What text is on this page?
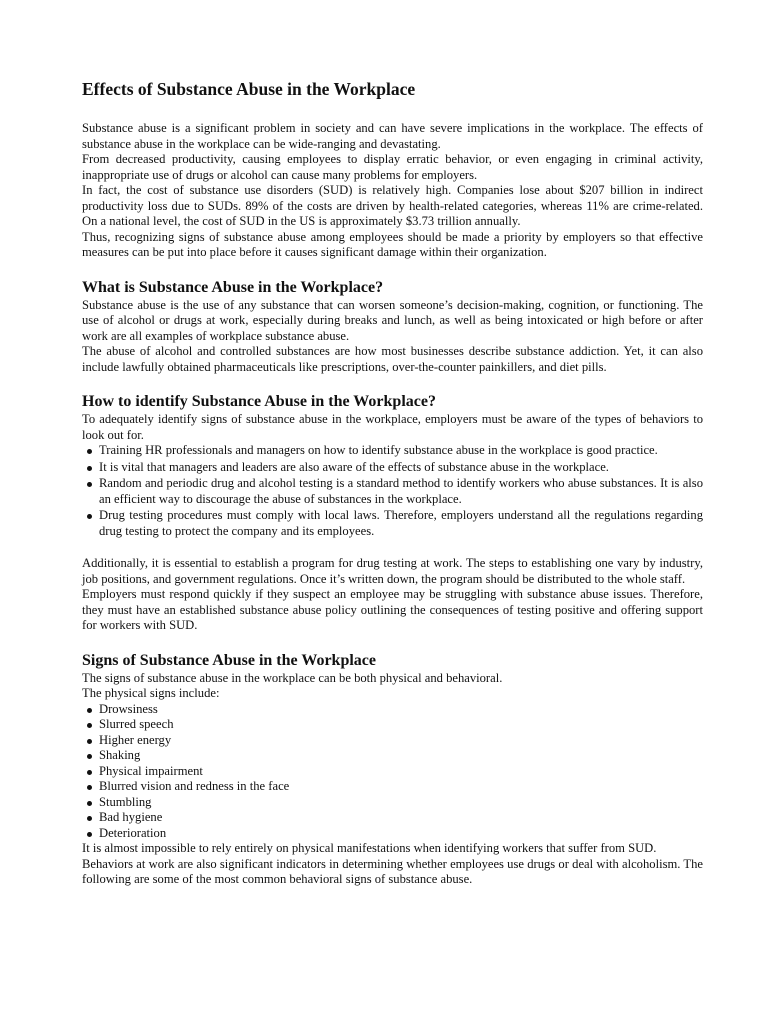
Effects of Substance Abuse in the Workplace

Substance abuse is a significant problem in society and can have severe implications in the workplace. The effects of substance abuse in the workplace can be wide-ranging and devastating.

From decreased productivity, causing employees to display erratic behavior, or even engaging in criminal activity, inappropriate use of drugs or alcohol can cause many problems for employers.

In fact, the cost of substance use disorders (SUD) is relatively high. Companies lose about $207 billion in indirect productivity loss due to SUDs. 89% of the costs are driven by health-related categories, whereas 11% are crime-related. On a national level, the cost of SUD in the US is approximately $3.73 trillion annually.

Thus, recognizing signs of substance abuse among employees should be made a priority by employers so that effective measures can be put into place before it causes significant damage within their organization.

What is Substance Abuse in the Workplace?

Substance abuse is the use of any substance that can worsen someone’s decision-making, cognition, or functioning. The use of alcohol or drugs at work, especially during breaks and lunch, as well as being intoxicated or high before or after work are all examples of workplace substance abuse.

The abuse of alcohol and controlled substances are how most businesses describe substance addiction. Yet, it can also include lawfully obtained pharmaceuticals like prescriptions, over-the-counter painkillers, and diet pills.

How to identify Substance Abuse in the Workplace?

To adequately identify signs of substance abuse in the workplace, employers must be aware of the types of behaviors to look out for.

Training HR professionals and managers on how to identify substance abuse in the workplace is good practice.
It is vital that managers and leaders are also aware of the effects of substance abuse in the workplace.
Random and periodic drug and alcohol testing is a standard method to identify workers who abuse substances. It is also an efficient way to discourage the abuse of substances in the workplace.
Drug testing procedures must comply with local laws. Therefore, employers understand all the regulations regarding drug testing to protect the company and its employees.

Additionally, it is essential to establish a program for drug testing at work. The steps to establishing one vary by industry, job positions, and government regulations. Once it’s written down, the program should be distributed to the whole staff.

Employers must respond quickly if they suspect an employee may be struggling with substance abuse issues. Therefore, they must have an established substance abuse policy outlining the consequences of testing positive and offering support for workers with SUD.

Signs of Substance Abuse in the Workplace

The signs of substance abuse in the workplace can be both physical and behavioral.

The physical signs include:

Drowsiness
Slurred speech
Higher energy
Shaking
Physical impairment
Blurred vision and redness in the face
Stumbling
Bad hygiene
Deterioration

It is almost impossible to rely entirely on physical manifestations when identifying workers that suffer from SUD.

Behaviors at work are also significant indicators in determining whether employees use drugs or deal with alcoholism. The following are some of the most common behavioral signs of substance abuse.
